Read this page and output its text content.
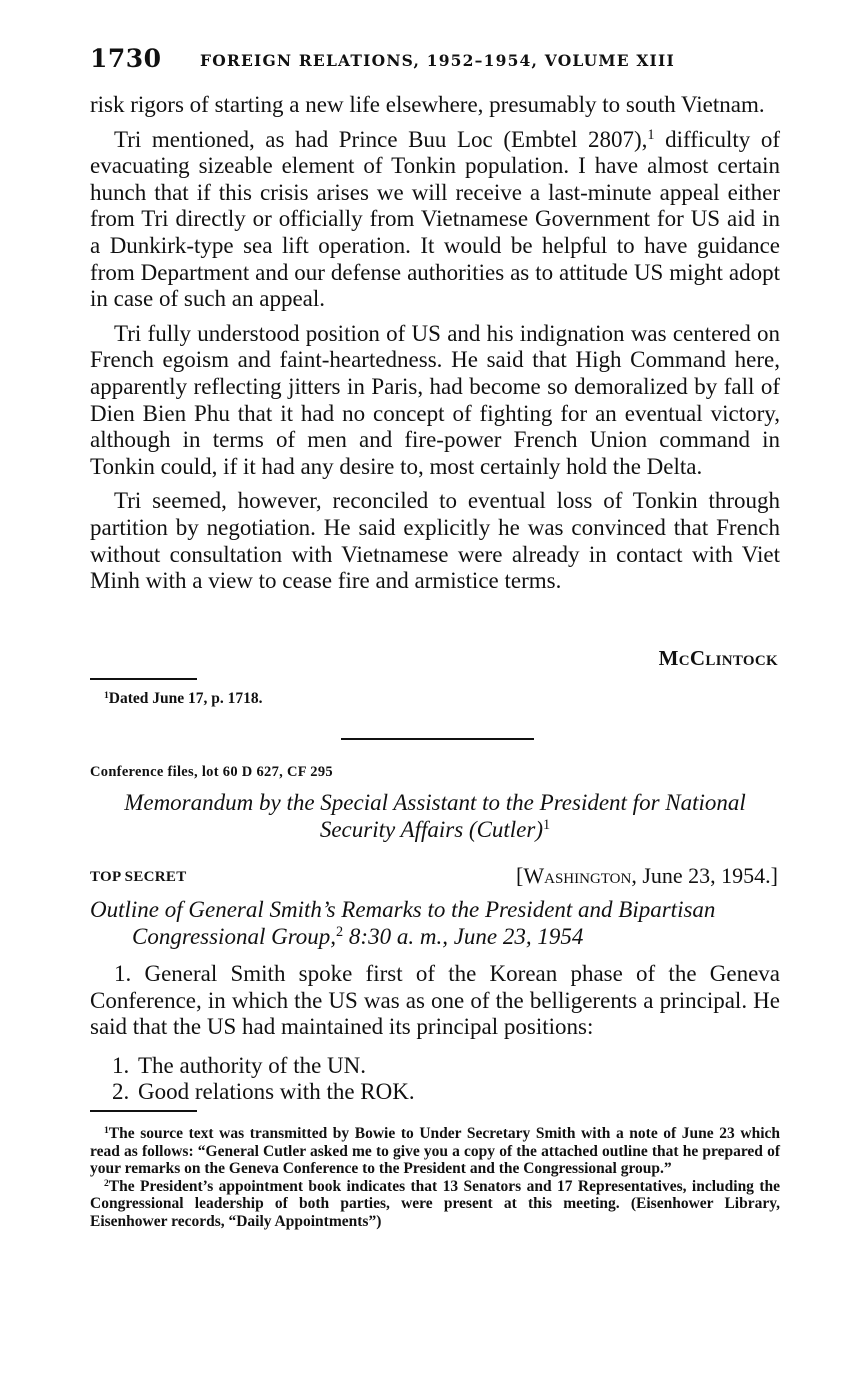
1730 FOREIGN RELATIONS, 1952–1954, VOLUME XIII

risk rigors of starting a new life elsewhere, presumably to south Vietnam.

Tri mentioned, as had Prince Buu Loc (Embtel 2807),$^1$ difficulty of evacuating sizeable element of Tonkin population. I have almost certain hunch that if this crisis arises we will receive a last-minute appeal either from Tri directly or officially from Vietnamese Government for US aid in a Dunkirk-type sea lift operation. It would be helpful to have guidance from Department and our defense authorities as to attitude US might adopt in case of such an appeal.

Tri fully understood position of US and his indignation was centered on French egoism and faint-heartedness. He said that High Command here, apparently reflecting jitters in Paris, had become so demoralized by fall of Dien Bien Phu that it had no concept of fighting for an eventual victory, although in terms of men and fire-power French Union command in Tonkin could, if it had any desire to, most certainly hold the Delta.

Tri seemed, however, reconciled to eventual loss of Tonkin through partition by negotiation. He said explicitly he was convinced that French without consultation with Vietnamese were already in contact with Viet Minh with a view to cease fire and armistice terms.

McClintock

$^1$Dated June 17, p. 1718.

Conference files, lot 60 D 627, CF 295
Memorandum by the Special Assistant to the President for National Security Affairs (Cutler)$^1$
TOP SECRET	[Washington, June 23, 1954.]
Outline of General Smith’s Remarks to the President and Bipartisan
Congressional Group,$^2$ 8:30 a. m., June 23, 1954

1. General Smith spoke first of the Korean phase of the Geneva Conference, in which the US was as one of the belligerents a principal. He said that the US had maintained its principal positions:

1. The authority of the UN.
2. Good relations with the ROK.

$^1$The source text was transmitted by Bowie to Under Secretary Smith with a note of June 23 which read as follows: “General Cutler asked me to give you a copy of the attached outline that he prepared of your remarks on the Geneva Conference to the President and the Congressional group.”

$^2$The President’s appointment book indicates that 13 Senators and 17 Representatives, including the Congressional leadership of both parties, were present at this meeting. (Eisenhower Library, Eisenhower records, “Daily Appointments”)
